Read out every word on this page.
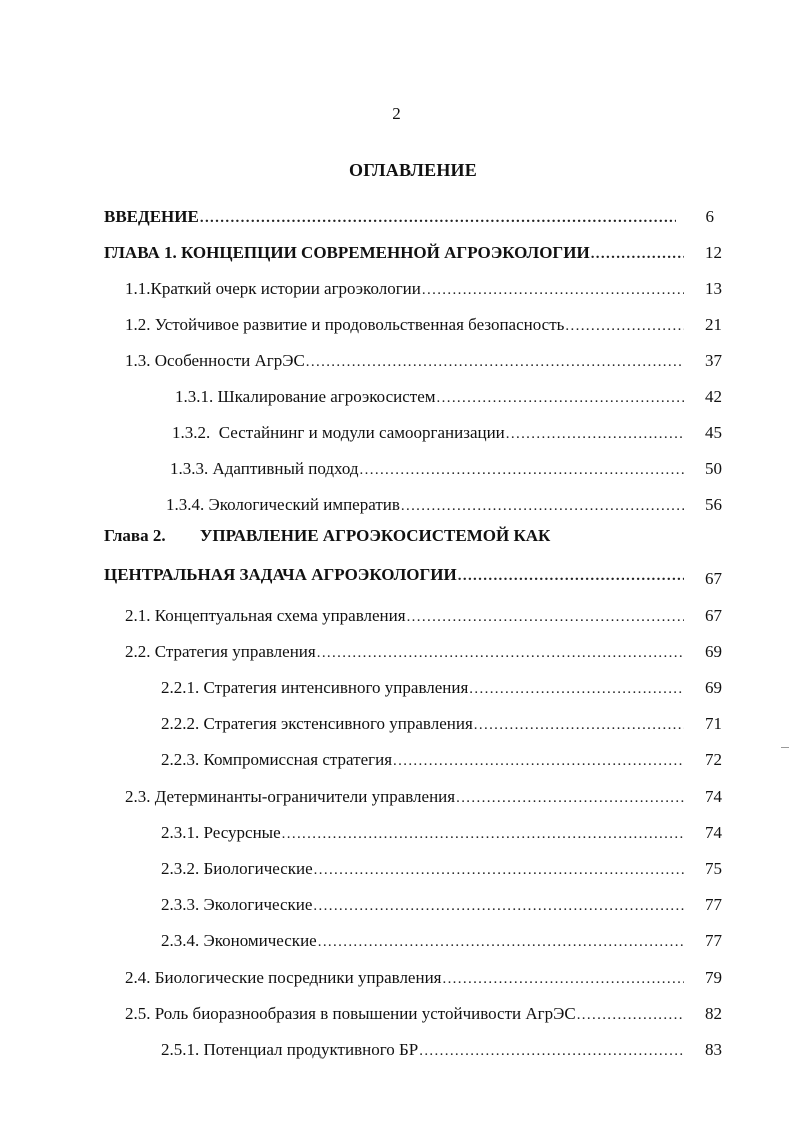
2
ОГЛАВЛЕНИЕ
ВВЕДЕНИЕ . . .	6
ГЛАВА 1. КОНЦЕПЦИИ СОВРЕМЕННОЙ АГРОЭКОЛОГИИ . . .	12
1.1.Краткий очерк истории агроэкологии . . .	13
1.2. Устойчивое развитие и продовольственная безопасность . . .	21
1.3. Особенности АгрЭС . . .	37
1.3.1. Шкалирование агроэкосистем . . .	42
1.3.2.  Сестайнинг и модули самоорганизации . . .	45
1.3.3. Адаптивный подход . . .	50
1.3.4. Экологический императив . . .	56
Глава 2. УПРАВЛЕНИЕ АГРОЭКОСИСТЕМОЙ КАК
ЦЕНТРАЛЬНАЯ ЗАДАЧА АГРОЭКОЛОГИИ . . .	67
2.1. Концептуальная схема управления . . .	67
2.2. Стратегия управления . . .	69
2.2.1. Стратегия интенсивного управления . . .	69
2.2.2. Стратегия экстенсивного управления . . .	71
2.2.3. Компромиссная стратегия . . .	72
2.3. Детерминанты-ограничители управления . . .	74
2.3.1. Ресурсные . . .	74
2.3.2. Биологические . . .	75
2.3.3. Экологические . . .	77
2.3.4. Экономические . . .	77
2.4. Биологические посредники управления . . .	79
2.5. Роль биоразнообразия в повышении устойчивости АгрЭС . . .	82
2.5.1. Потенциал продуктивного БР . . .	83
